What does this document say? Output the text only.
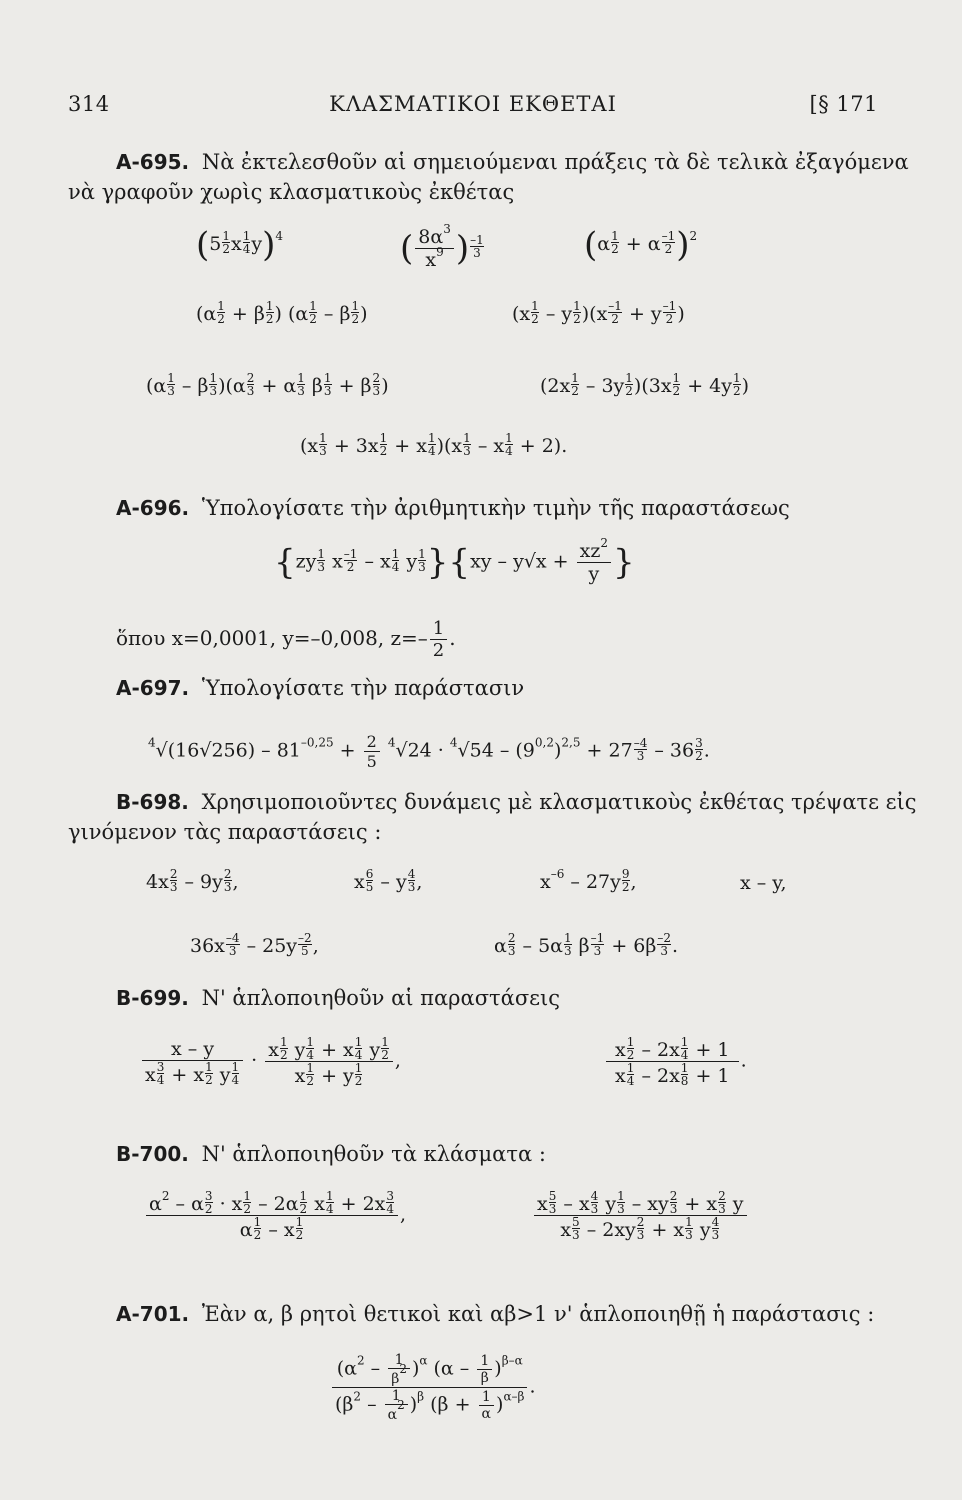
314	ΚΛΑΣΜΑΤΙΚΟΙ ΕΚΘΕΤΑΙ	[§ 171
A-695. Νὰ ἐκτελεσθοῦν αἱ σημειούμεναι πράξεις τὰ δὲ τελικὰ ἐξαγόμενα
νὰ γραφοῦν χωρὶς κλασματικοὺς ἐκθέτας
($5 \frac{1}{2}$ x $\frac{1}{4} y)^4$	( $\frac{8\alpha^3}{x^9}$ ) $\frac{-1}{3}$	$(\alpha \frac{1}{2} + \alpha \frac{-1}{2} )^2$
($\alpha \frac{1}{2} + \beta \frac{1}{2}$ ) ($\alpha \frac{1}{2}$ – β $\frac{1}{2}$ )	$(x \frac{1}{2} - y \frac{1}{2} )(x \frac{-1}{2} + y \frac{-1}{2}$ )
$(\alpha \frac{1}{3} - \beta \frac{1}{3} )(\alpha \frac{2}{3} + \alpha \frac{1}{3}$ β $\frac{1}{3} + \beta \frac{2}{3}$ )	$(2x \frac{1}{2} - 3y \frac{1}{2} )(3x \frac{1}{2} + 4y \frac{1}{2}$ )
$(x \frac{1}{3} + 3x \frac{1}{2} + x \frac{1}{4} )(x \frac{1}{3} - x \frac{1}{4} + 2)$.
A-696. Ὑπολογίσατε τὴν ἀριθμητικὴν τιμὴν τῆς παραστάσεως
{$zy \frac{1}{3}$ x $\frac{-1}{2}$ – x $\frac{1}{4}$ y $\frac{1}{3} \}\{xy - y√x + \frac{xz^2}{y}$ }
ὅπου x=0,0001, y=–0,008, $z=- \frac{1}{2}$ .
A-697. Ὑπολογίσατε τὴν παράστασιν
$^4√(16√256) - 81^{-0,25} + \frac{2}{5} ^4√24 \cdot ^4√54 - (9^{0,2})^{2,5} + 27 \frac{-4}{3} - 36 \frac{3}{2}$ .
B-698. Χρησιμοποιοῦντες δυνάμεις μὲ κλασματικοὺς ἐκθέτας τρέψατε εἰς
γινόμενον τὰς παραστάσεις :
$4x \frac{2}{3} - 9y \frac{2}{3}$ ,	x $\frac{6}{5}$ – y $\frac{4}{3}$ ,	$x^{-6} - 27y \frac{9}{2}$ ,	x – y,
$36x \frac{-4}{3} - 25y \frac{-2}{5}$ ,	α $\frac{2}{3} - 5\alpha \frac{1}{3}$ β $\frac{-1}{3} + 6\beta \frac{-2}{3}$ .
B-699. Ν' ἁπλοποιηθοῦν αἱ παραστάσεις
$\frac{x - y}{x \frac{3}{4} + x \frac{1}{2} y \frac{1}{4}} \cdot \frac{x \frac{1}{2} y \frac{1}{4} + x \frac{1}{4} y \frac{1}{2}}{x \frac{1}{2} + y \frac{1}{2}}$ ,	$\frac{x \frac{1}{2} - 2x \frac{1}{4} + 1}{x \frac{1}{4} - 2x \frac{1}{8} + 1}$ .
B-700. Ν' ἁπλοποιηθοῦν τὰ κλάσματα :
$\frac{\alpha^2 - \alpha \frac{3}{2} \cdot x \frac{1}{2} - 2\alpha \frac{1}{2} x \frac{1}{4} + 2x \frac{3}{4}}{\alpha \frac{1}{2} - x \frac{1}{2}}$ ,	$\frac{x \frac{5}{3} - x \frac{4}{3} y \frac{1}{3} - xy \frac{2}{3} + x \frac{2}{3} y}{x \frac{5}{3} - 2xy \frac{2}{3} + x \frac{1}{3} y \frac{4}{3}}$
A-701. Ἐὰν α, β ρητοὶ θετικοὶ καὶ αβ>1 ν' ἁπλοποιηθῇ ἡ παράστασις :
$\frac{(\alpha^2 - \frac{1}{\beta^2} )^\alpha (\alpha - \frac{1}{\beta} )^{\beta-\alpha}}{(\beta^2 - \frac{1}{\alpha^2} )^\beta (\beta + \frac{1}{\alpha} )^{\alpha-\beta}}$ .
